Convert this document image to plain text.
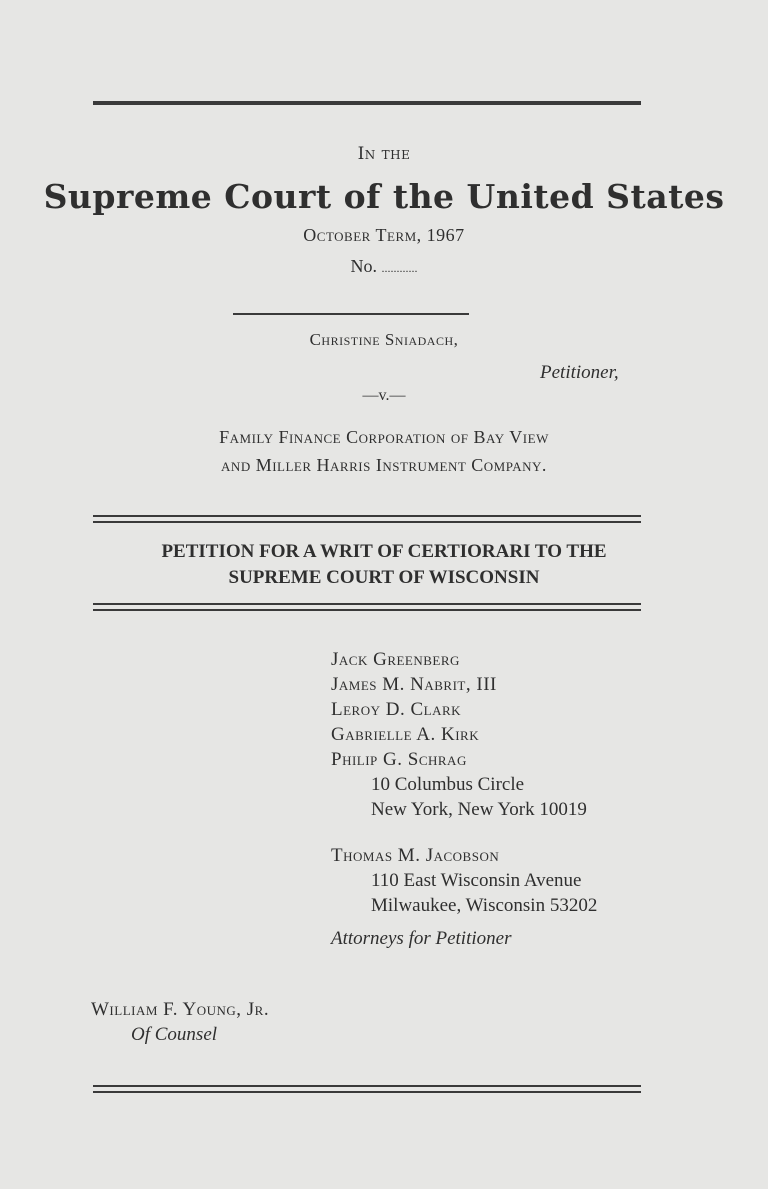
In the
Supreme Court of the United States
October Term, 1967
No. ............
Christine Sniadach,
Petitioner,
—v.—
Family Finance Corporation of Bay View
and Miller Harris Instrument Company.
PETITION FOR A WRIT OF CERTIORARI TO THE
SUPREME COURT OF WISCONSIN
Jack Greenberg
James M. Nabrit, III
Leroy D. Clark
Gabrielle A. Kirk
Philip G. Schrag
10 Columbus Circle
New York, New York 10019
Thomas M. Jacobson
110 East Wisconsin Avenue
Milwaukee, Wisconsin 53202
Attorneys for Petitioner
William F. Young, Jr.
Of Counsel
